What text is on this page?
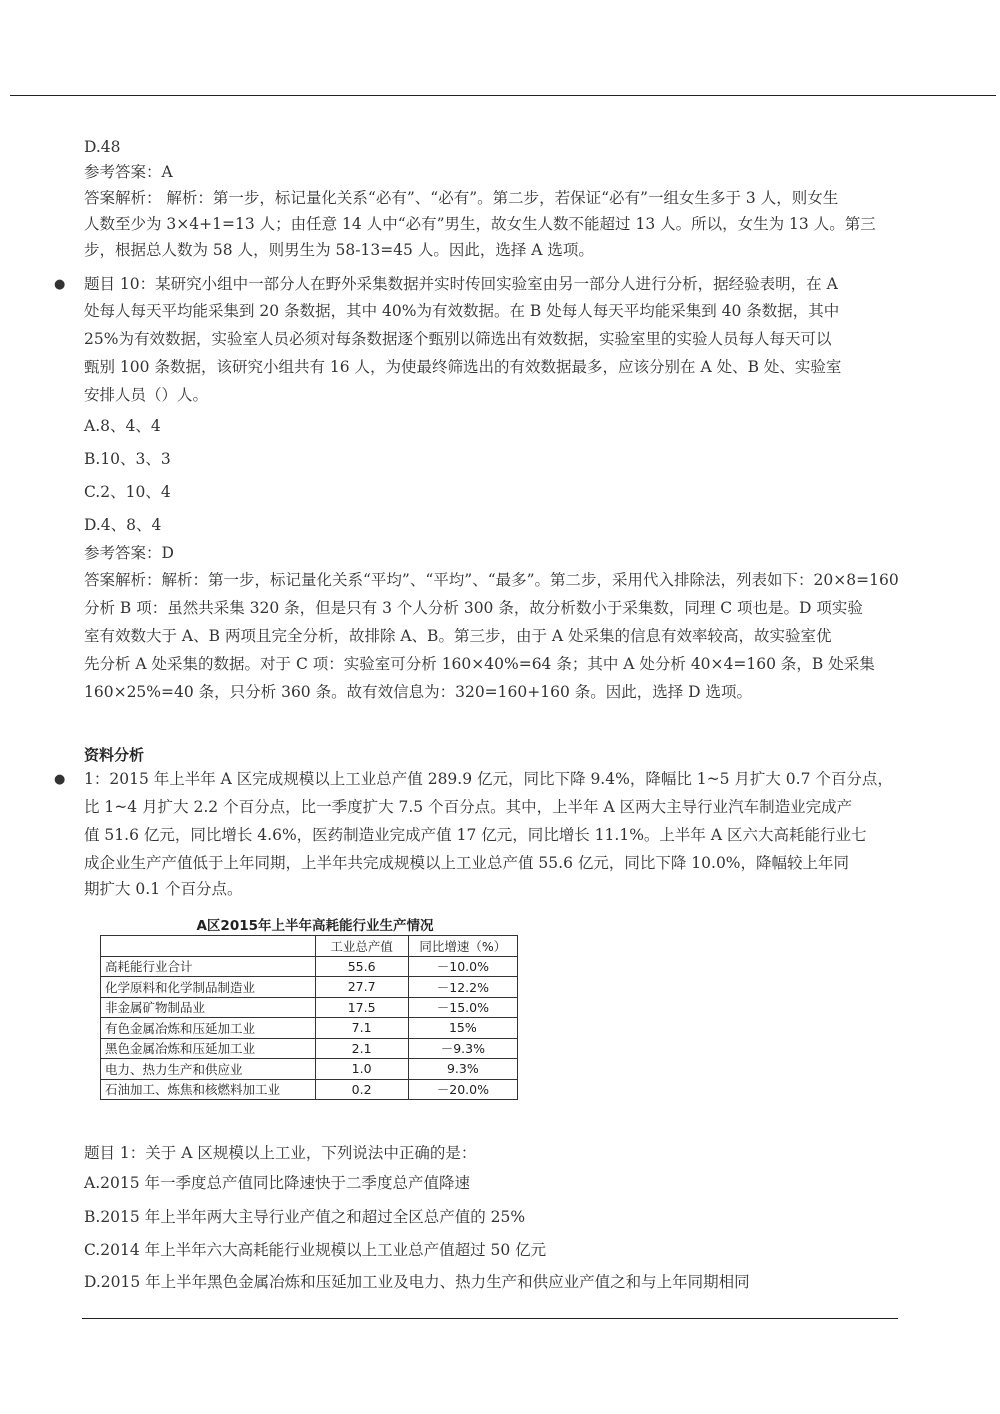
D.48
参考答案：A
答案解析： 解析：第一步，标记量化关系“必有”、“必有”。第二步，若保证“必有”一组女生多于 3 人，则女生
人数至少为 3×4+1=13 人；由任意 14 人中“必有”男生，故女生人数不能超过 13 人。所以，女生为 13 人。第三
步，根据总人数为 58 人，则男生为 58-13=45 人。因此，选择 A 选项。
● 题目 10：某研究小组中一部分人在野外采集数据并实时传回实验室由另一部分人进行分析，据经验表明，在 A
处每人每天平均能采集到 20 条数据，其中 40%为有效数据。在 B 处每人每天平均能采集到 40 条数据，其中
25%为有效数据，实验室人员必须对每条数据逐个甄别以筛选出有效数据，实验室里的实验人员每人每天可以
甄别 100 条数据，该研究小组共有 16 人，为使最终筛选出的有效数据最多，应该分别在 A 处、B 处、实验室
安排人员（）人。
A.8、4、4
B.10、3、3
C.2、10、4
D.4、8、4
参考答案：D
答案解析：解析：第一步，标记量化关系“平均”、“平均”、“最多”。第二步，采用代入排除法，列表如下：20×8=160
分析 B 项：虽然共采集 320 条，但是只有 3 个人分析 300 条，故分析数小于采集数，同理 C 项也是。D 项实验
室有效数大于 A、B 两项且完全分析，故排除 A、B。第三步，由于 A 处采集的信息有效率较高，故实验室优
先分析 A 处采集的数据。对于 C 项：实验室可分析 160×40%=64 条；其中 A 处分析 40×4=160 条，B 处采集
160×25%=40 条，只分析 360 条。故有效信息为：320=160+160 条。因此，选择 D 选项。
资料分析
● 1：2015 年上半年 A 区完成规模以上工业总产值 289.9 亿元，同比下降 9.4%，降幅比 1~5 月扩大 0.7 个百分点，
比 1~4 月扩大 2.2 个百分点，比一季度扩大 7.5 个百分点。其中，上半年 A 区两大主导行业汽车制造业完成产
值 51.6 亿元，同比增长 4.6%，医药制造业完成产值 17 亿元，同比增长 11.1%。上半年 A 区六大高耗能行业七
成企业生产产值低于上年同期，上半年共完成规模以上工业总产值 55.6 亿元，同比下降 10.0%，降幅较上年同
期扩大 0.1 个百分点。
A区2015年上半年高耗能行业生产情况
	工业总产值	同比增速（%）
高耗能行业合计	55.6	－10.0%
化学原料和化学制品制造业	27.7	－12.2%
非金属矿物制品业	17.5	－15.0%
有色金属冶炼和压延加工业	7.1	15%
黑色金属冶炼和压延加工业	2.1	－9.3%
电力、热力生产和供应业	1.0	9.3%
石油加工、炼焦和核燃料加工业	0.2	－20.0%
题目 1：关于 A 区规模以上工业，下列说法中正确的是：
A.2015 年一季度总产值同比降速快于二季度总产值降速
B.2015 年上半年两大主导行业产值之和超过全区总产值的 25%
C.2014 年上半年六大高耗能行业规模以上工业总产值超过 50 亿元
D.2015 年上半年黑色金属冶炼和压延加工业及电力、热力生产和供应业产值之和与上年同期相同
